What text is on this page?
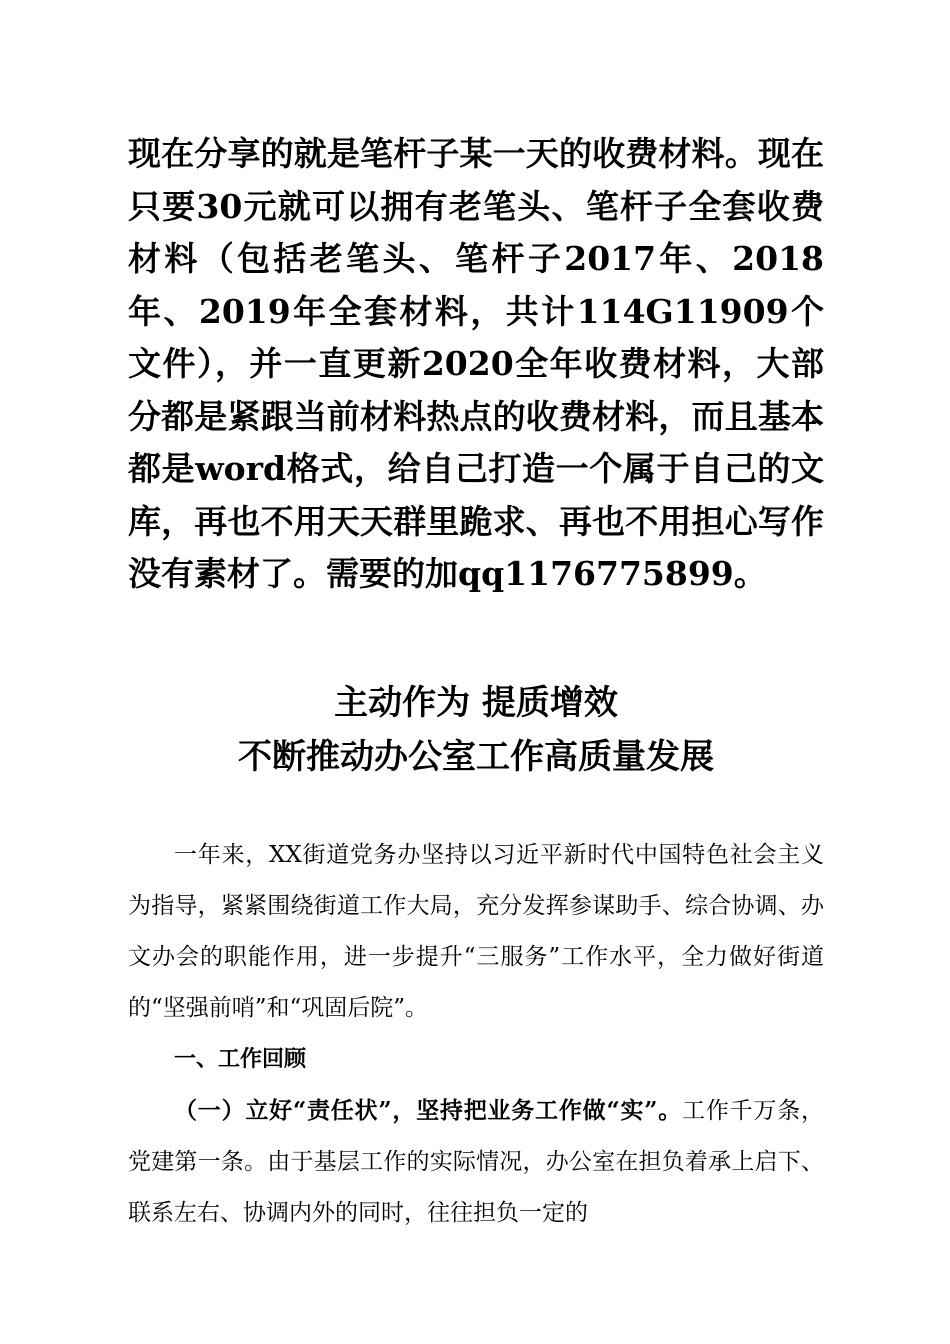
现在分享的就是笔杆子某一天的收费材料。现在只要30元就可以拥有老笔头、笔杆子全套收费材料（包括老笔头、笔杆子2017年、2018年、2019年全套材料，共计114G11909个文件），并一直更新2020全年收费材料，大部分都是紧跟当前材料热点的收费材料，而且基本都是word格式，给自己打造一个属于自己的文库，再也不用天天群里跪求、再也不用担心写作没有素材了。需要的加qq1176775899。
主动作为 提质增效
不断推动办公室工作高质量发展

一年来，XX街道党务办坚持以习近平新时代中国特色社会主义为指导，紧紧围绕街道工作大局，充分发挥参谋助手、综合协调、办文办会的职能作用，进一步提升“三服务”工作水平，全力做好街道的“坚强前哨”和“巩固后院”。

一、工作回顾

（一）立好“责任状”，坚持把业务工作做“实”。工作千万条，党建第一条。由于基层工作的实际情况，办公室在担负着承上启下、联系左右、协调内外的同时，往往担负一定的
